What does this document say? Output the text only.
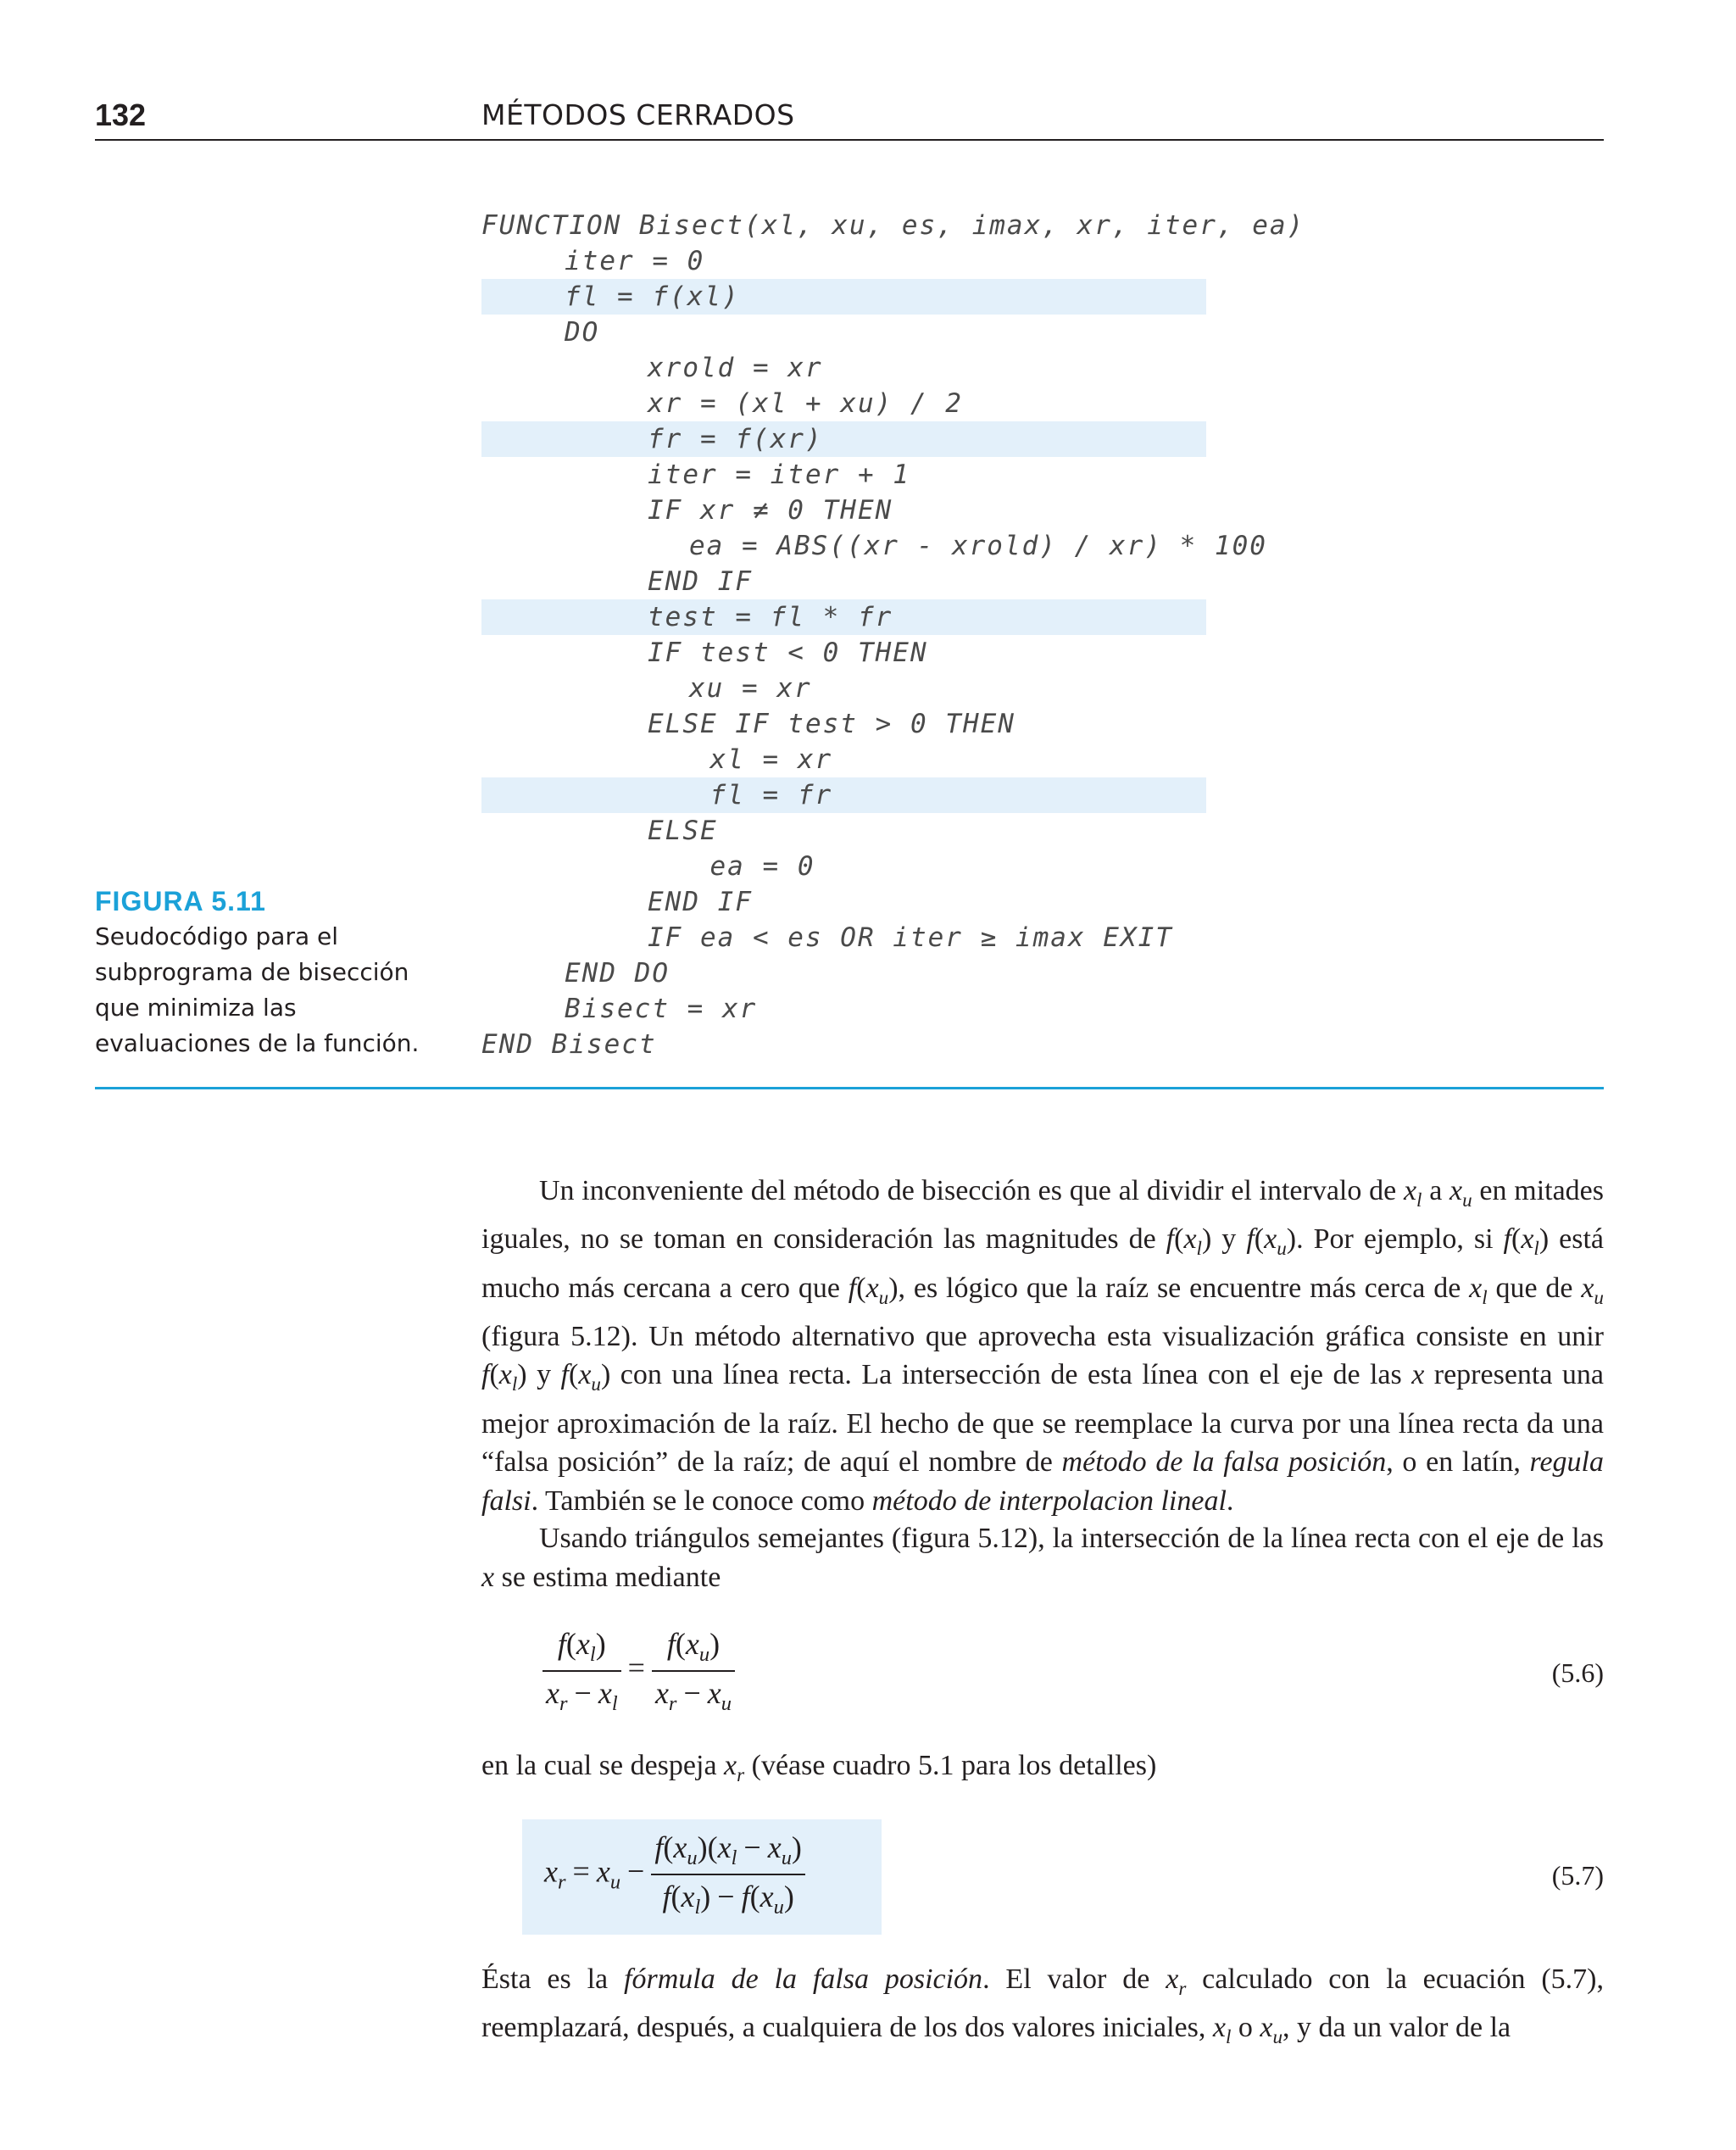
132	MÉTODOS CERRADOS
FUNCTION Bisect(xl, xu, es, imax, xr, iter, ea)
iter = 0
fl = f(xl)
DO
xrold = xr
xr = (xl + xu) / 2
fr = f(xr)
iter = iter + 1
IF xr ≠ 0 THEN
ea = ABS((xr - xrold) / xr) * 100
END IF
test = fl * fr
IF test < 0 THEN
xu = xr
ELSE IF test > 0 THEN
xl = xr
fl = fr
ELSE
ea = 0
END IF
IF ea < es OR iter ≥ imax EXIT
END DO
Bisect = xr
END Bisect
FIGURA 5.11
Seudocódigo para el subprograma de bisección que minimiza las evaluaciones de la función.

Un inconveniente del método de bisección es que al dividir el intervalo de $x_l$ a $x_u$ en mitades iguales, no se toman en consideración las magnitudes de $f(x_l)$ y $f(x_u)$. Por ejemplo, si $f(x_l)$ está mucho más cercana a cero que $f(x_u)$, es lógico que la raíz se encuentre más cerca de $x_l$ que de $x_u$ (figura 5.12). Un método alternativo que aprovecha esta visualización gráfica consiste en unir $f(x_l)$ y $f(x_u)$ con una línea recta. La intersección de esta línea con el eje de las x representa una mejor aproximación de la raíz. El hecho de que se reemplace la curva por una línea recta da una “falsa posición” de la raíz; de aquí el nombre de método de la falsa posición, o en latín, regula falsi. También se le conoce como método de interpolacion lineal.

Usando triángulos semejantes (figura 5.12), la intersección de la línea recta con el eje de las x se estima mediante

$\frac{f(x_l)}{x_r - x_l} = \frac{f(x_u)}{x_r - x_u}$	(5.6)

en la cual se despeja $x_r$ (véase cuadro 5.1 para los detalles)

$x_r = x_u - \frac{f(x_u)(x_l - x_u)}{f(x_l) - f(x_u)}$	(5.7)

Ésta es la fórmula de la falsa posición. El valor de $x_r$ calculado con la ecuación (5.7), reemplazará, después, a cualquiera de los dos valores iniciales, $x_l$ o $x_u$, y da un valor de la
